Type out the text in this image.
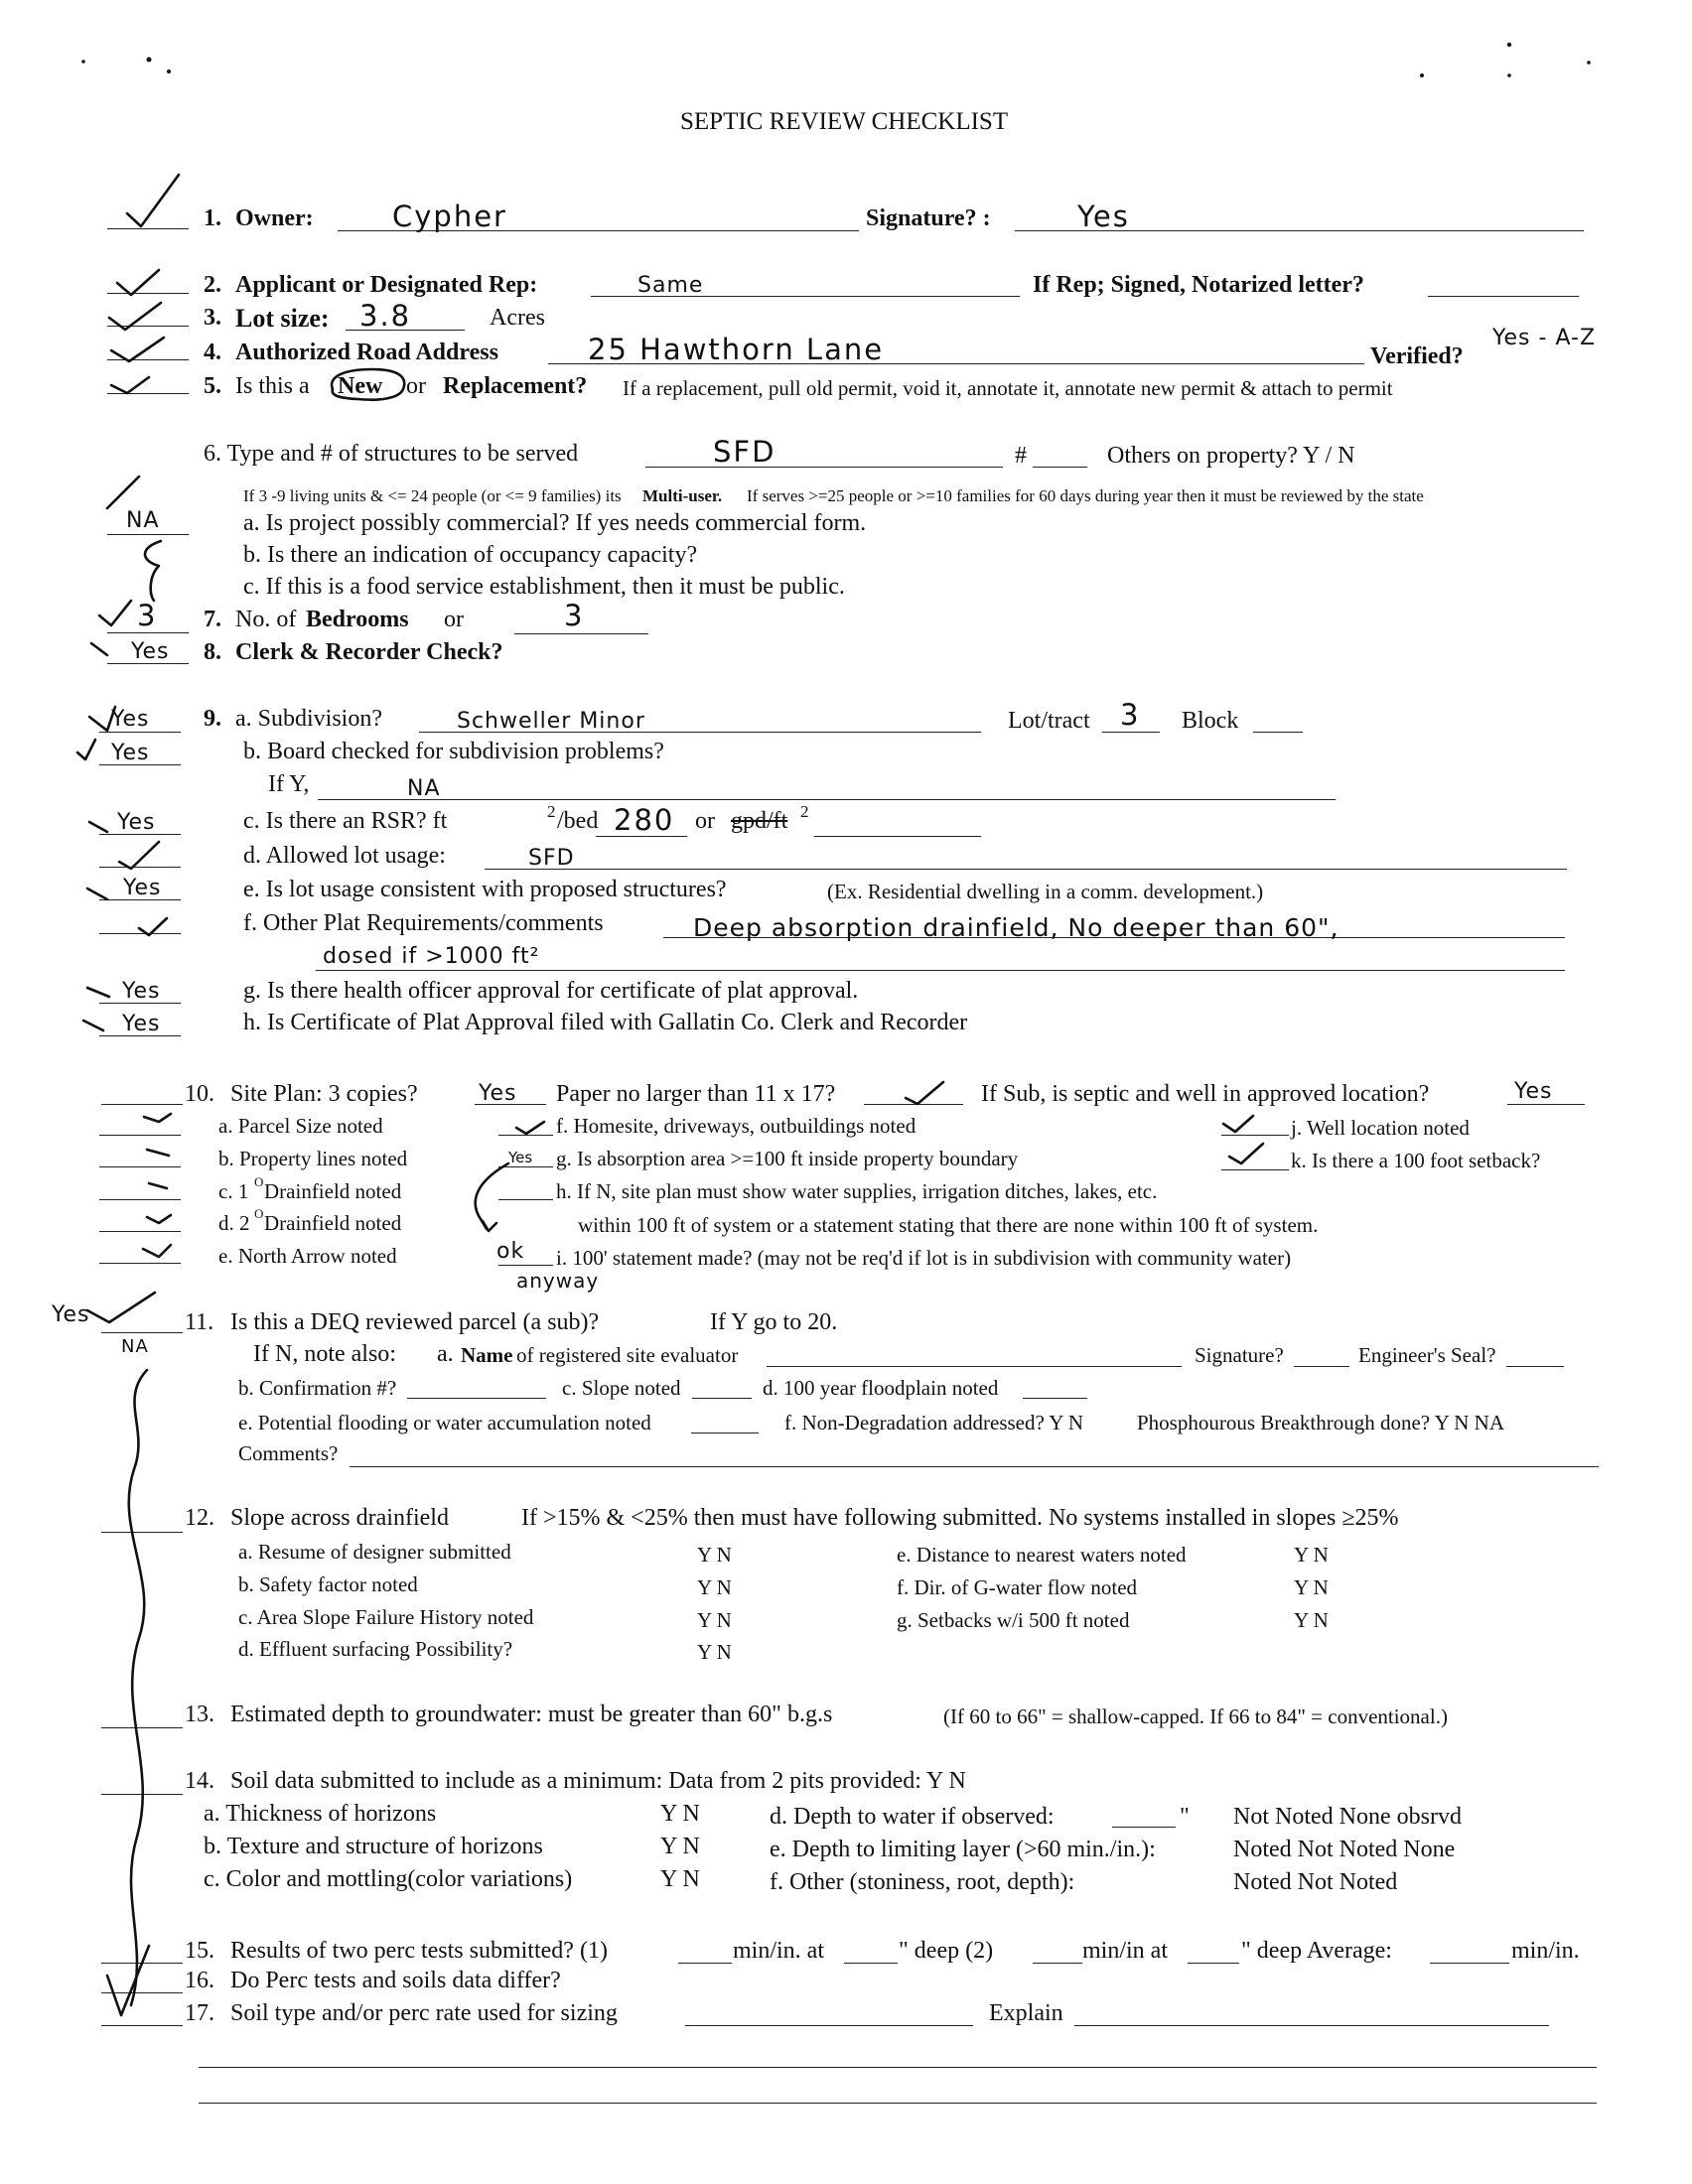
SEPTIC REVIEW CHECKLIST
1. Owner:	Cypher	Signature? :	Yes
2. Applicant or Designated Rep:	Same	If Rep; Signed, Notarized letter?
3. Lot size: 3.8	Acres
4. Authorized Road Address	25 Hawthorn Lane	Verified?
Yes - A-Z
5. Is this a New or Replacement? If a replacement, pull old permit, void it, annotate it, annotate new permit & attach to permit
6. Type and # of structures to be served	SFD	#	Others on property? Y / N
If 3 -9 living units & <= 24 people (or <= 9 families) its Multi-user. If serves >=25 people or >=10 families for 60 days during year then it must be reviewed by the state
NA	a. Is project possibly commercial? If yes needs commercial form.
b. Is there an indication of occupancy capacity?
c. If this is a food service establishment, then it must be public.
3 7. No. of Bedrooms or	3
Yes 8. Clerk & Recorder Check?
Yes 9. a. Subdivision?	Schweller Minor	Lot/tract 3 Block
Yes	b. Board checked for subdivision problems?
If Y,	NA
Yes	c. Is there an RSR? ft	2 /bed 280 or gpd/ft 2
d. Allowed lot usage:	SFD
Yes	e. Is lot usage consistent with proposed structures?	(Ex. Residential dwelling in a comm. development.)
f. Other Plat Requirements/comments	Deep absorption drainfield, No deeper than 60",
dosed if >1000 ft²
Yes	g. Is there health officer approval for certificate of plat approval.
Yes	h. Is Certificate of Plat Approval filed with Gallatin Co. Clerk and Recorder
10. Site Plan: 3 copies?	Yes Paper no larger than 11 x 17?	If Sub, is septic and well in approved location?	Yes
a. Parcel Size noted
b. Property lines noted
c. 1 O Drainfield noted
d. 2 O Drainfield noted
e. North Arrow noted
f. Homesite, driveways, outbuildings noted
Yes g. Is absorption area >=100 ft inside property boundary
h. If N, site plan must show water supplies, irrigation ditches, lakes, etc.
within 100 ft of system or a statement stating that there are none within 100 ft of system.
ok
anyway
i. 100' statement made? (may not be req'd if lot is in subdivision with community water)
j. Well location noted
k. Is there a 100 foot setback?
Yes
NA
11. Is this a DEQ reviewed parcel (a sub)?	If Y go to 20.
If N, note also: a. Name of registered site evaluator	Signature?	Engineer's Seal?
b. Confirmation #?	c. Slope noted	d. 100 year floodplain noted
e. Potential flooding or water accumulation noted	f. Non-Degradation addressed? Y N	Phosphourous Breakthrough done? Y N NA
Comments?
12. Slope across drainfield	If >15% & <25% then must have following submitted. No systems installed in slopes ≥25%
a. Resume of designer submitted	Y N
b. Safety factor noted	Y N
c. Area Slope Failure History noted	Y N
d. Effluent surfacing Possibility?	Y N
e. Distance to nearest waters noted	Y N
f. Dir. of G-water flow noted	Y N
g. Setbacks w/i 500 ft noted	Y N
13. Estimated depth to groundwater: must be greater than 60" b.g.s	(If 60 to 66" = shallow-capped. If 66 to 84" = conventional.)
14. Soil data submitted to include as a minimum: Data from 2 pits provided: Y N
a. Thickness of horizons	Y N
b. Texture and structure of horizons	Y N
c. Color and mottling(color variations)	Y N
d. Depth to water if observed:	" Not Noted None obsrvd
e. Depth to limiting layer (>60 min./in.):	Noted Not Noted None
f. Other (stoniness, root, depth):	Noted Not Noted
15. Results of two perc tests submitted? (1)	min/in. at	" deep (2)	min/in at	" deep Average:	min/in.
16. Do Perc tests and soils data differ?
17. Soil type and/or perc rate used for sizing	Explain
